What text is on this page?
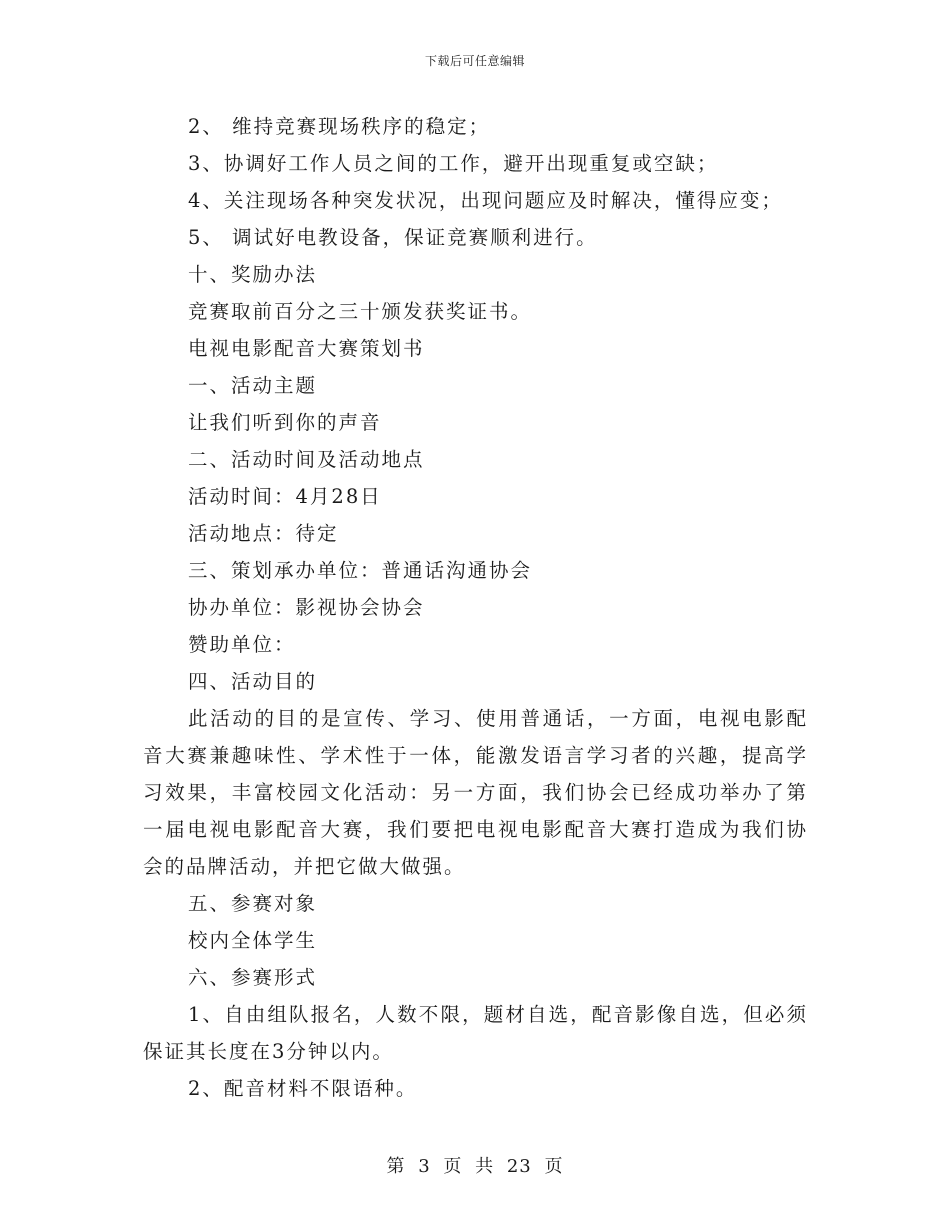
下载后可任意编辑
2、 维持竞赛现场秩序的稳定；
3、协调好工作人员之间的工作，避开出现重复或空缺；
4、关注现场各种突发状况，出现问题应及时解决，懂得应变；
5、 调试好电教设备，保证竞赛顺利进行。
十、奖励办法
竞赛取前百分之三十颁发获奖证书。
电视电影配音大赛策划书
一、活动主题
让我们听到你的声音
二、活动时间及活动地点
活动时间：4月28日
活动地点：待定
三、策划承办单位：普通话沟通协会
协办单位：影视协会协会
赞助单位：
四、活动目的
此活动的目的是宣传、学习、使用普通话，一方面，电视电影配音大赛兼趣味性、学术性于一体，能激发语言学习者的兴趣，提高学习效果，丰富校园文化活动：另一方面，我们协会已经成功举办了第一届电视电影配音大赛，我们要把电视电影配音大赛打造成为我们协会的品牌活动，并把它做大做强。
五、参赛对象
校内全体学生
六、参赛形式
1、自由组队报名，人数不限，题材自选，配音影像自选，但必须保证其长度在3分钟以内。
2、配音材料不限语种。
第 3 页 共 23 页
